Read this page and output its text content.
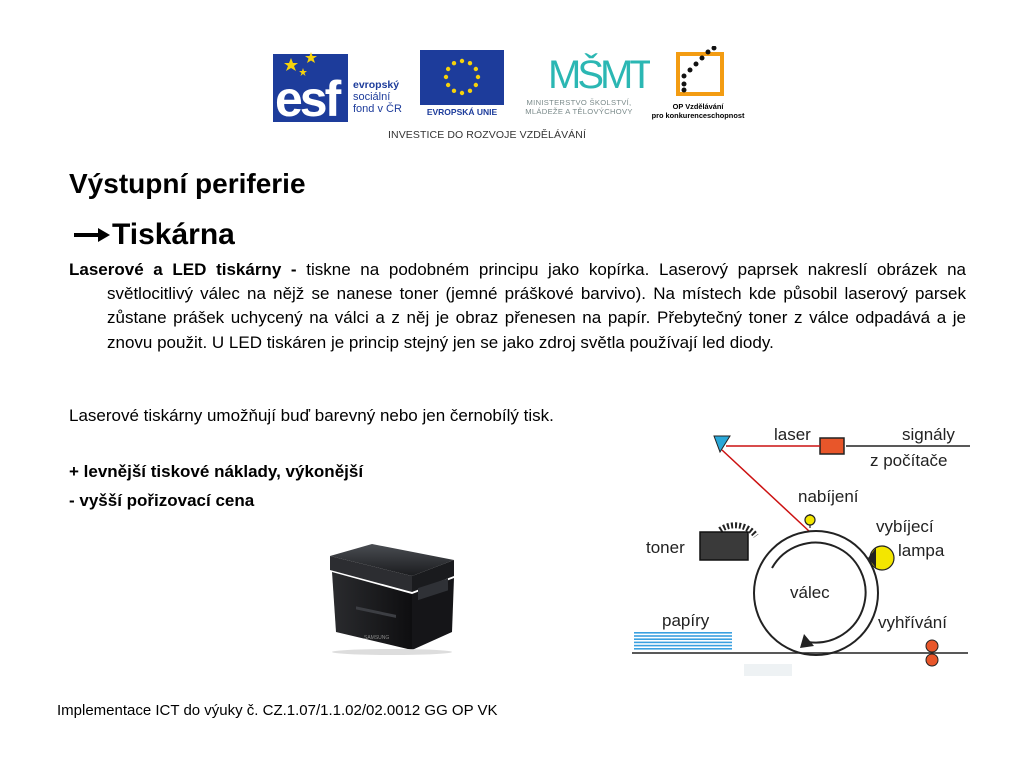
esf	evropský
sociální
fond v ČR	EVROPSKÁ UNIE
MŠMT
MINISTERSTVO ŠKOLSTVÍ,
MLÁDEŽE A TĚLOVÝCHOVY
OP Vzdělávání
pro konkurenceschopnost
INVESTICE DO ROZVOJE VZDĚLÁVÁNÍ
Výstupní periferie
Tiskárna
Laserové a LED tiskárny - tiskne na podobném principu jako kopírka. Laserový paprsek nakreslí obrázek na světlocitlivý válec na nějž se nanese toner (jemné práškové barvivo). Na místech kde působil laserový parsek zůstane prášek uchycený na válci a z něj je obraz přenesen na papír. Přebytečný toner z válce odpadává a je znovu použit. U LED tiskáren je princip stejný jen se jako zdroj světla používají led diody.
Laserové tiskárny umožňují buď barevný nebo jen černobílý tisk.
+ levnější tiskové náklady, výkonější
- vyšší pořizovací cena
SAMSUNG
laser	signály
z počítače
nabíjení
vybíjecí
lampa
toner
válec
papíry	vyhřívání
Implementace ICT do výuky č. CZ.1.07/1.1.02/02.0012 GG OP VK
